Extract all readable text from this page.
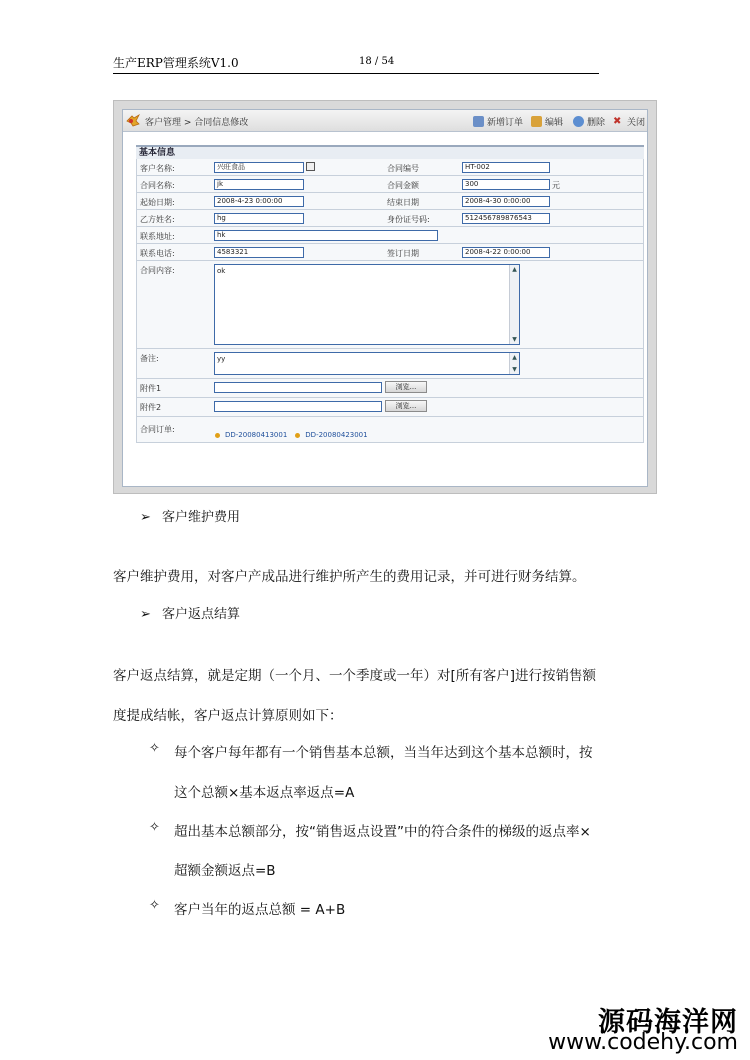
生产ERP管理系统V1.0	18 / 54
客户管理 > 合同信息修改	新增订单 编辑	删除 ✖ 关闭
基本信息
客户名称:	兴旺食品	合同编号	HT-002
合同名称:	jk	合同金额	300	元
起始日期:	2008-4-23 0:00:00	结束日期	2008-4-30 0:00:00
乙方姓名:	hg	身份证号码:	512456789876543
联系地址:	hk
联系电话:	4583321	签订日期	2008-4-22 0:00:00
合同内容:	ok	▲
▼
备注:	yy	▲
▼
附件1	浏览...
附件2	浏览...
合同订单:
DD-20080413001	DD-20080423001
➢ 客户维护费用
客户维护费用，对客户产成品进行维护所产生的费用记录，并可进行财务结算。
➢ 客户返点结算
客户返点结算，就是定期（一个月、一个季度或一年）对[所有客户]进行按销售额
度提成结帐，客户返点计算原则如下：
✧ 每个客户每年都有一个销售基本总额，当当年达到这个基本总额时，按
这个总额×基本返点率返点=A
✧ 超出基本总额部分，按“销售返点设置”中的符合条件的梯级的返点率×
超额金额返点=B
✧ 客户当年的返点总额 = A+B
源码海洋网
www.codehy.com
